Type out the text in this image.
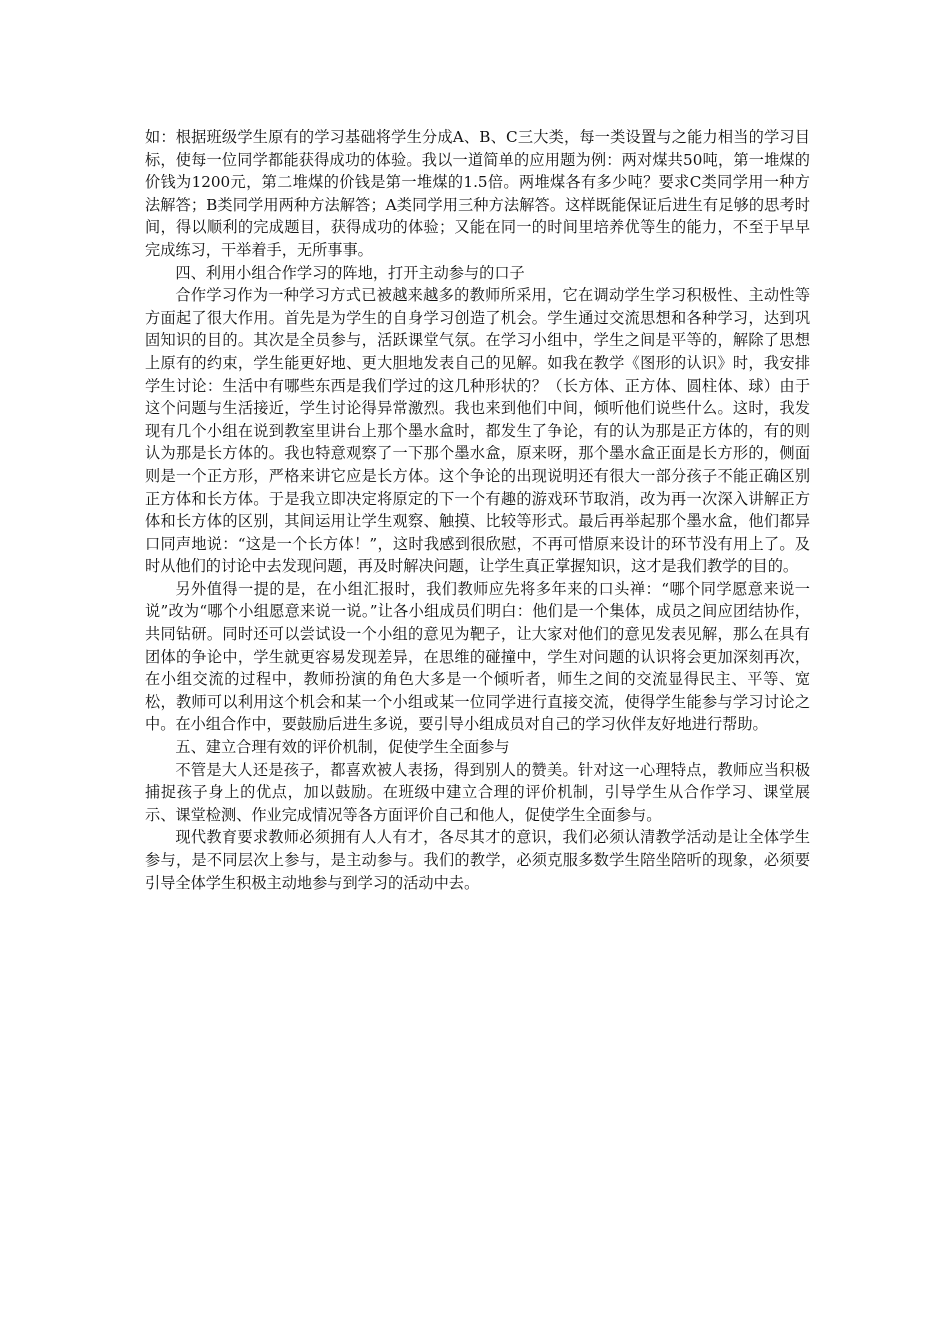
如：根据班级学生原有的学习基础将学生分成A、B、C三大类，每一类设置与之能力相当的学习目标，使每一位同学都能获得成功的体验。我以一道简单的应用题为例：两对煤共50吨，第一堆煤的价钱为1200元，第二堆煤的价钱是第一堆煤的1.5倍。两堆煤各有多少吨？要求C类同学用一种方法解答；B类同学用两种方法解答；A类同学用三种方法解答。这样既能保证后进生有足够的思考时间，得以顺利的完成题目，获得成功的体验；又能在同一的时间里培养优等生的能力，不至于早早完成练习，干举着手，无所事事。

四、利用小组合作学习的阵地，打开主动参与的口子

合作学习作为一种学习方式已被越来越多的教师所采用，它在调动学生学习积极性、主动性等方面起了很大作用。首先是为学生的自身学习创造了机会。学生通过交流思想和各种学习，达到巩固知识的目的。其次是全员参与，活跃课堂气氛。在学习小组中，学生之间是平等的，解除了思想上原有的约束，学生能更好地、更大胆地发表自己的见解。如我在教学《图形的认识》时，我安排学生讨论：生活中有哪些东西是我们学过的这几种形状的？（长方体、正方体、圆柱体、球）由于这个问题与生活接近，学生讨论得异常激烈。我也来到他们中间，倾听他们说些什么。这时，我发现有几个小组在说到教室里讲台上那个墨水盒时，都发生了争论，有的认为那是正方体的，有的则认为那是长方体的。我也特意观察了一下那个墨水盒，原来呀，那个墨水盒正面是长方形的，侧面则是一个正方形，严格来讲它应是长方体。这个争论的出现说明还有很大一部分孩子不能正确区别正方体和长方体。于是我立即决定将原定的下一个有趣的游戏环节取消，改为再一次深入讲解正方体和长方体的区别，其间运用让学生观察、触摸、比较等形式。最后再举起那个墨水盒，他们都异口同声地说：“这是一个长方体！”，这时我感到很欣慰，不再可惜原来设计的环节没有用上了。及时从他们的讨论中去发现问题，再及时解决问题，让学生真正掌握知识，这才是我们教学的目的。

另外值得一提的是，在小组汇报时，我们教师应先将多年来的口头禅：“哪个同学愿意来说一说”改为“哪个小组愿意来说一说。”让各小组成员们明白：他们是一个集体，成员之间应团结协作，共同钻研。同时还可以尝试设一个小组的意见为靶子，让大家对他们的意见发表见解，那么在具有团体的争论中，学生就更容易发现差异，在思维的碰撞中，学生对问题的认识将会更加深刻再次，在小组交流的过程中，教师扮演的角色大多是一个倾听者，师生之间的交流显得民主、平等、宽松，教师可以利用这个机会和某一个小组或某一位同学进行直接交流，使得学生能参与学习讨论之中。在小组合作中，要鼓励后进生多说，要引导小组成员对自己的学习伙伴友好地进行帮助。

五、建立合理有效的评价机制，促使学生全面参与

不管是大人还是孩子，都喜欢被人表扬，得到别人的赞美。针对这一心理特点，教师应当积极捕捉孩子身上的优点，加以鼓励。在班级中建立合理的评价机制，引导学生从合作学习、课堂展示、课堂检测、作业完成情况等各方面评价自己和他人，促使学生全面参与。

现代教育要求教师必须拥有人人有才，各尽其才的意识，我们必须认清教学活动是让全体学生参与，是不同层次上参与，是主动参与。我们的教学，必须克服多数学生陪坐陪听的现象，必须要引导全体学生积极主动地参与到学习的活动中去。
